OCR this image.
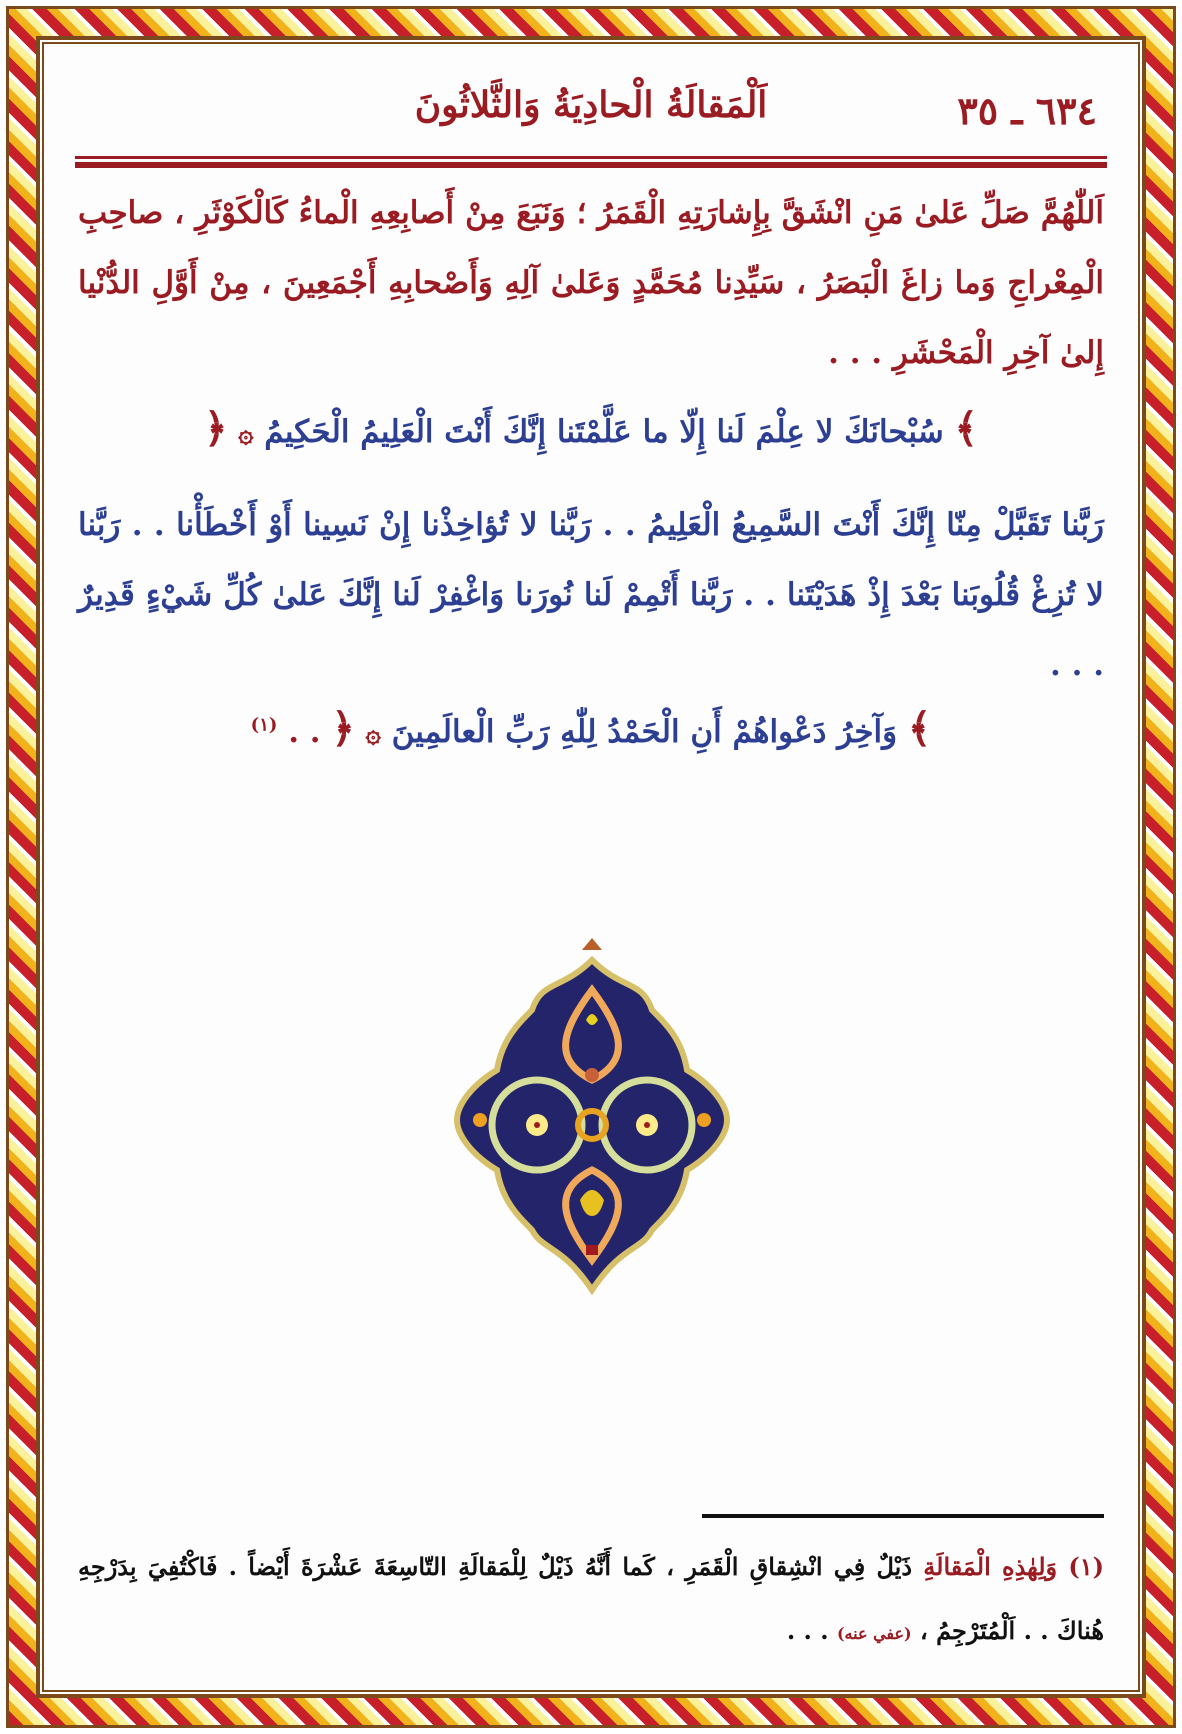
٦٣٤ ـ ٣٥
اَلْمَقالَةُ الْحادِيَةُ وَالثَّلاثُونَ
اَللّٰهُمَّ صَلِّ عَلىٰ مَنِ انْشَقَّ بِإِشارَتِهِ الْقَمَرُ ؛ وَنَبَعَ مِنْ أَصابِعِهِ الْماءُ كَالْكَوْثَرِ ، صاحِبِ الْمِعْراجِ وَما زاغَ الْبَصَرُ ، سَيِّدِنا مُحَمَّدٍ وَعَلىٰ آلِهِ وَأَصْحابِهِ أَجْمَعِينَ ، مِنْ أَوَّلِ الدُّنْيا إِلىٰ آخِرِ الْمَحْشَرِ . . .
﴾ سُبْحانَكَ لا عِلْمَ لَنا إِلّا ما عَلَّمْتَنا إِنَّكَ أَنْتَ الْعَلِيمُ الْحَكِيمُ ۞ ﴿
رَبَّنا تَقَبَّلْ مِنّا إِنَّكَ أَنْتَ السَّمِيعُ الْعَلِيمُ . . رَبَّنا لا تُؤاخِذْنا إِنْ نَسِينا أَوْ أَخْطَأْنا . . رَبَّنا لا تُزِغْ قُلُوبَنا بَعْدَ إِذْ هَدَيْتَنا . . رَبَّنا أَتْمِمْ لَنا نُورَنا وَاغْفِرْ لَنا إِنَّكَ عَلىٰ كُلِّ شَيْءٍ قَدِيرٌ . . .
﴾ وَآخِرُ دَعْواهُمْ أَنِ الْحَمْدُ لِلّٰهِ رَبِّ الْعالَمِينَ ۞ ﴿ . . $^{(١)}$
(١) وَلِهٰذِهِ الْمَقالَةِ ذَيْلٌ فِي انْشِقاقِ الْقَمَرِ ، كَما أَنَّهُ ذَيْلٌ لِلْمَقالَةِ التّاسِعَةَ عَشْرَةَ أَيْضاً . فَاكْتُفِيَ بِدَرْجِهِ هُناكَ . . اَلْمُتَرْجِمُ ، (عفي عنه) . . .
